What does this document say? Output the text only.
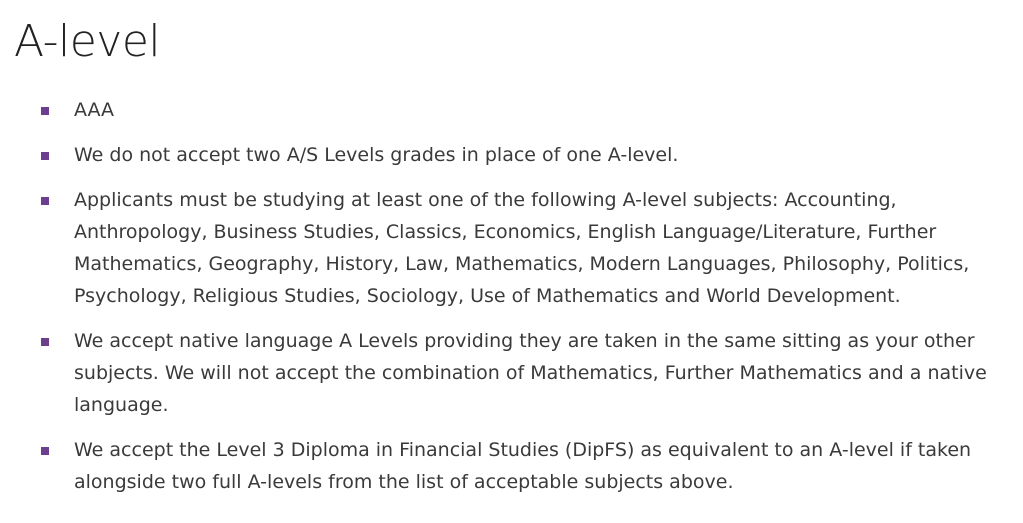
A-level
AAA
We do not accept two A/S Levels grades in place of one A-level.
Applicants must be studying at least one of the following A-level subjects: Accounting, Anthropology, Business Studies, Classics, Economics, English Language/Literature, Further Mathematics, Geography, History, Law, Mathematics, Modern Languages, Philosophy, Politics, Psychology, Religious Studies, Sociology, Use of Mathematics and World Development.
We accept native language A Levels providing they are taken in the same sitting as your other subjects. We will not accept the combination of Mathematics, Further Mathematics and a native language.
We accept the Level 3 Diploma in Financial Studies (DipFS) as equivalent to an A-level if taken alongside two full A-levels from the list of acceptable subjects above.
